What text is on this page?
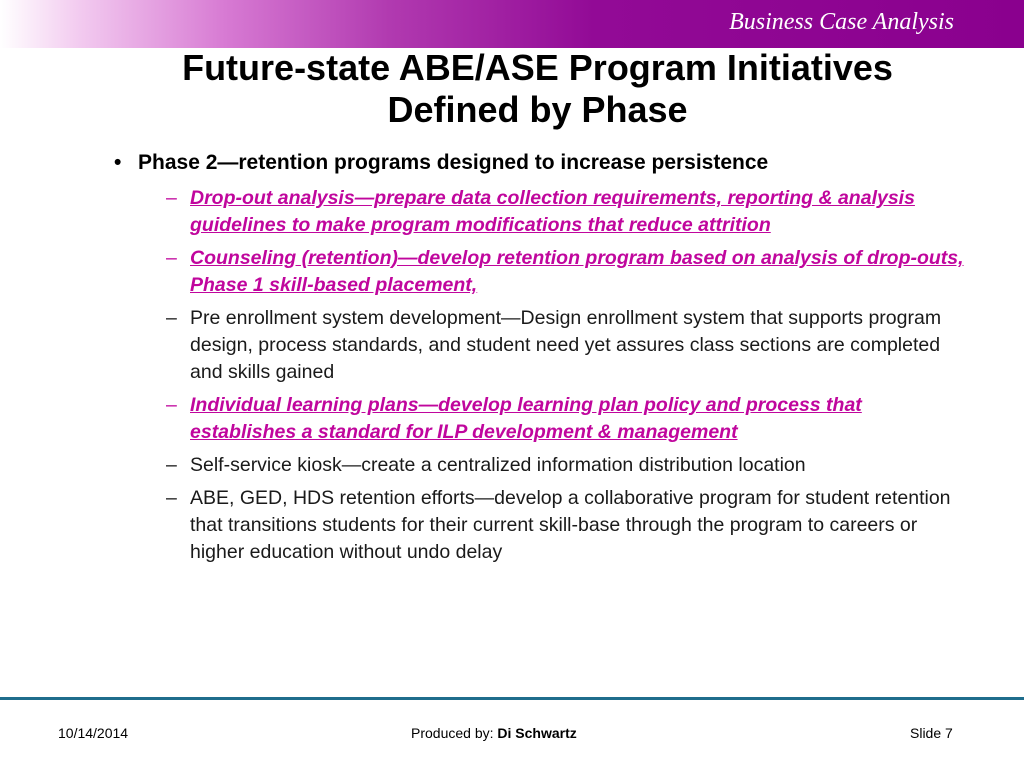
Business Case Analysis
Future-state ABE/ASE Program Initiatives
Defined by Phase
• Phase 2—retention programs designed to increase persistence
– Drop-out analysis—prepare data collection requirements, reporting & analysis guidelines to make program modifications that reduce attrition
– Counseling (retention)—develop retention program based on analysis of drop-outs, Phase 1 skill-based placement,
– Pre enrollment system development—Design enrollment system that supports program design, process standards, and student need yet assures class sections are completed and skills gained
– Individual learning plans—develop learning plan policy and process that establishes a standard for ILP development & management
– Self-service kiosk—create a centralized information distribution location
– ABE, GED, HDS retention efforts—develop a collaborative program for student retention that transitions students for their current skill-base through the program to careers or higher education without undo delay
10/14/2014	Produced by: Di Schwartz	Slide 7
